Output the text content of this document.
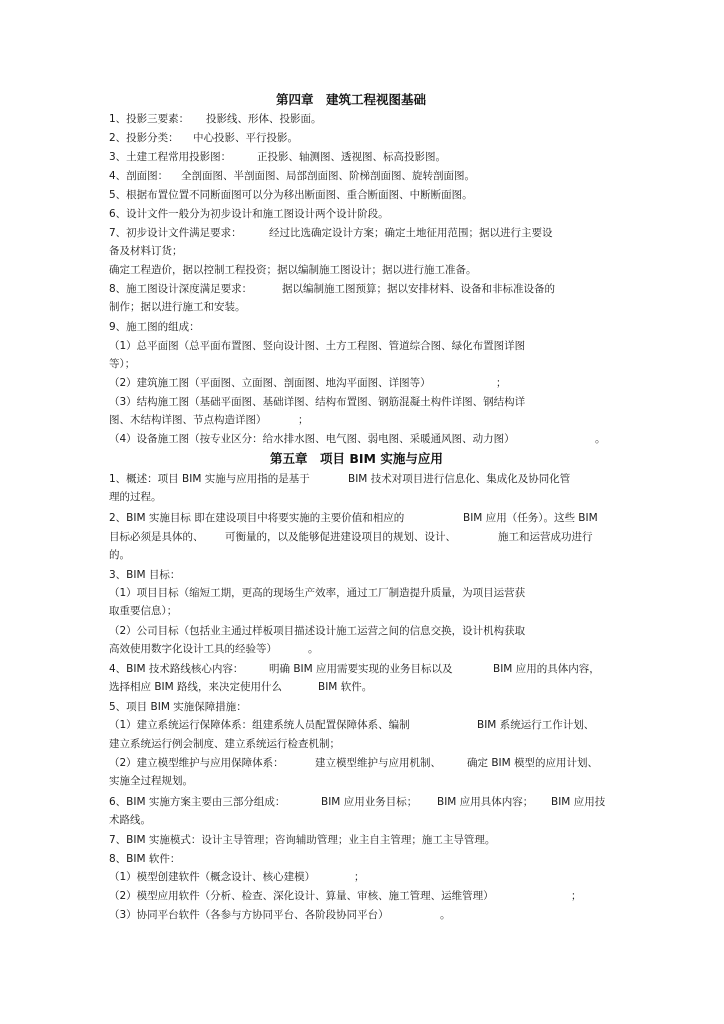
第四章　建筑工程视图基础
1、投影三要素： 投影线、形体、投影面。
2、投影分类： 中心投影、平行投影。
3、土建工程常用投影图： 正投影、轴测图、透视图、标高投影图。
4、剖面图： 全剖面图、半剖面图、局部剖面图、阶梯剖面图、旋转剖面图。
5、根据布置位置不同断面图可以分为移出断面图、重合断面图、中断断面图。
6、设计文件一般分为初步设计和施工图设计两个设计阶段。
7、初步设计文件满足要求：	经过比选确定设计方案；确定土地征用范围；据以进行主要设
备及材料订货；
确定工程造价，据以控制工程投资；据以编制施工图设计；据以进行施工准备。
8、施工图设计深度满足要求：	据以编制施工图预算；据以安排材料、设备和非标准设备的
制作；据以进行施工和安装。
9、施工图的组成：
（1）总平面图（总平面布置图、竖向设计图、土方工程图、管道综合图、绿化布置图详图
等）；
（2）建筑施工图（平面图、立面图、剖面图、地沟平面图、详图等）	；
（3）结构施工图（基础平面图、基础详图、结构布置图、钢筋混凝土构件详图、钢结构详
图、木结构详图、节点构造详图）	；
（4）设备施工图（按专业区分：给水排水图、电气图、弱电图、采暖通风图、动力图）	。
第五章　项目 BIM 实施与应用
1、概述：项目 BIM 实施与应用指的是基于	BIM 技术对项目进行信息化、集成化及协同化管
理的过程。
2、BIM 实施目标 即在建设项目中将要实施的主要价值和相应的	BIM 应用（任务）。这些 BIM
目标必须是具体的、 可衡量的，以及能够促进建设项目的规划、设计、	施工和运营成功进行
的。
3、BIM 目标：
（1）项目目标（缩短工期，更高的现场生产效率，通过工厂制造提升质量，为项目运营获
取重要信息）；
（2）公司目标（包括业主通过样板项目描述设计施工运营之间的信息交换，设计机构获取
高效使用数字化设计工具的经验等）	。
4、BIM 技术路线核心内容： 明确 BIM 应用需要实现的业务目标以及	BIM 应用的具体内容，
选择相应 BIM 路线，来决定使用什么	BIM 软件。
5、项目 BIM 实施保障措施：
（1）建立系统运行保障体系：组建系统人员配置保障体系、编制	BIM 系统运行工作计划、
建立系统运行例会制度、建立系统运行检查机制；
（2）建立模型维护与应用保障体系：	建立模型维护与应用机制、 确定 BIM 模型的应用计划、
实施全过程规划。
6、BIM 实施方案主要由三部分组成：	BIM 应用业务目标； BIM 应用具体内容； BIM 应用技
术路线。
7、BIM 实施模式：设计主导管理；咨询辅助管理；业主自主管理；施工主导管理。
8、BIM 软件：
（1）模型创建软件（概念设计、核心建模）	；
（2）模型应用软件（分析、检查、深化设计、算量、审核、施工管理、运维管理）	；
（3）协同平台软件（各参与方协同平台、各阶段协同平台）	。
